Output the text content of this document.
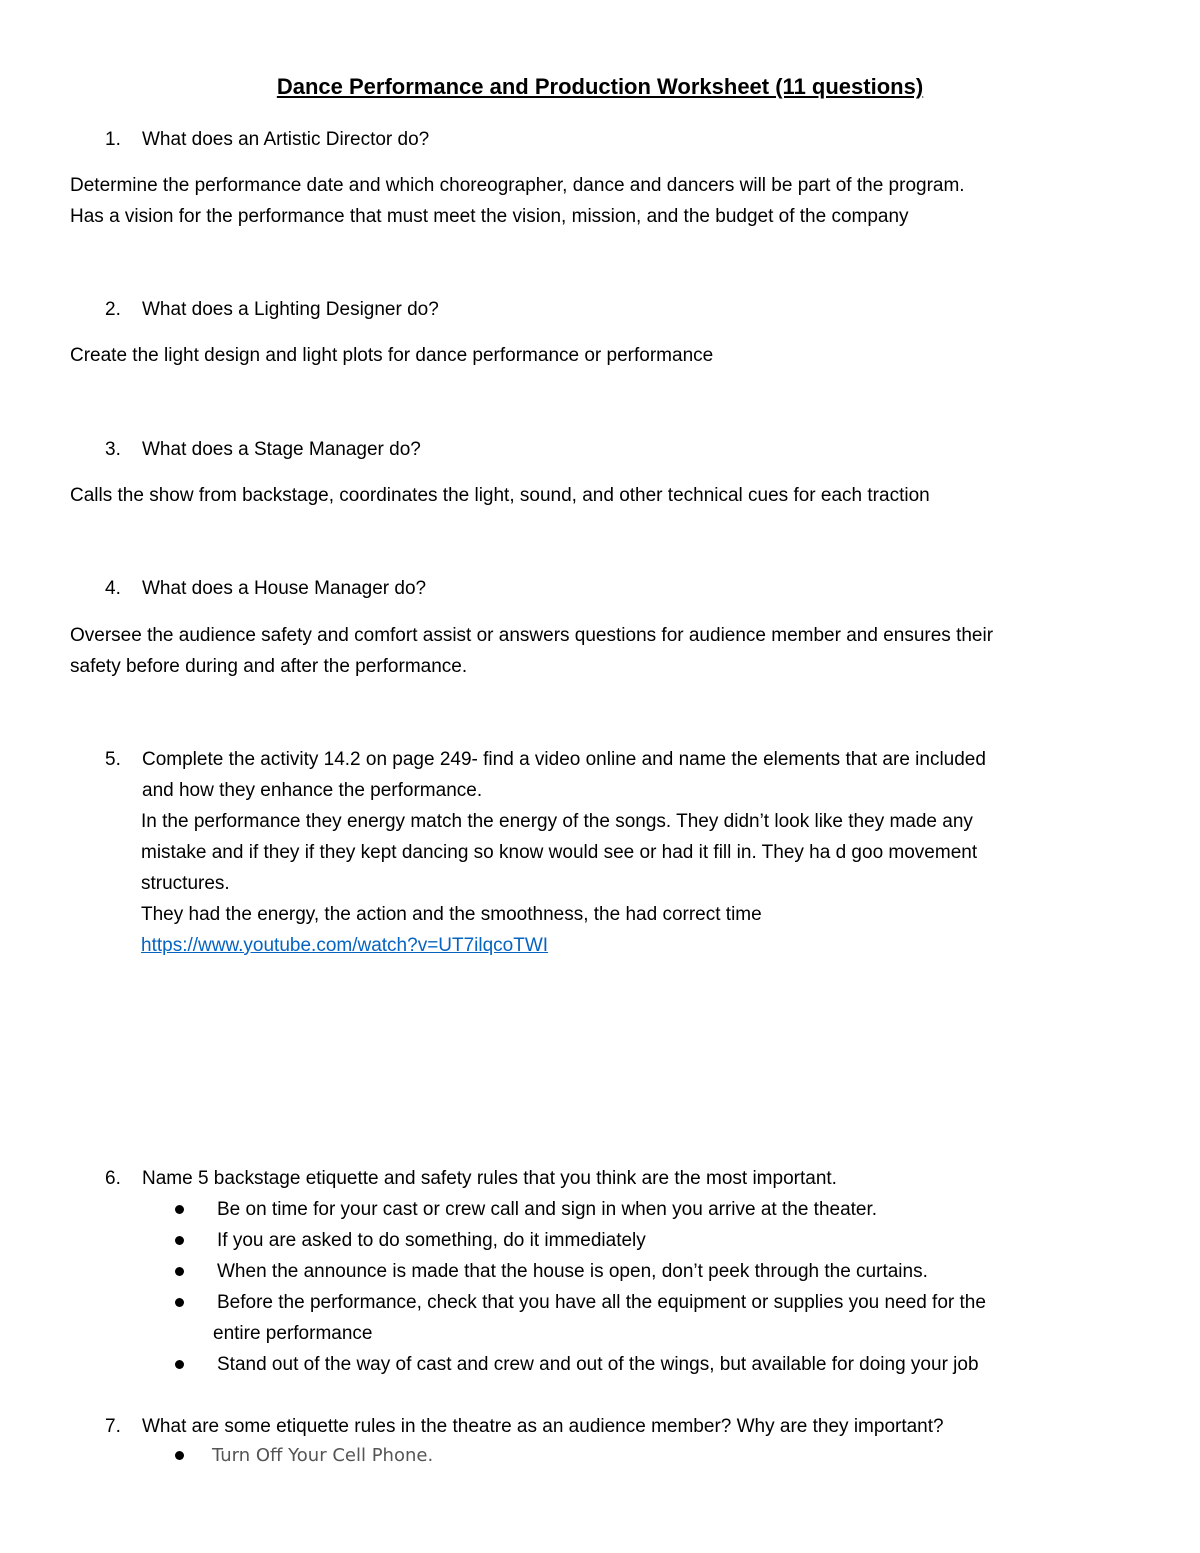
Dance Performance and Production Worksheet (11 questions)
1. What does an Artistic Director do?
Determine the performance date and which choreographer, dance and dancers will be part of the program.
Has a vision for the performance that must meet the vision, mission, and the budget of the company
2. What does a Lighting Designer do?
Create the light design and light plots for dance performance or performance
3. What does a Stage Manager do?
Calls the show from backstage, coordinates the light, sound, and other technical cues for each traction
4. What does a House Manager do?
Oversee the audience safety and comfort assist or answers questions for audience member and ensures their
safety before during and after the performance.
5. Complete the activity 14.2 on page 249- find a video online and name the elements that are included
and how they enhance the performance.
In the performance they energy match the energy of the songs. They didn’t look like they made any
mistake and if they if they kept dancing so know would see or had it fill in. They ha d goo movement
structures.
They had the energy, the action and the smoothness, the had correct time
https://www.youtube.com/watch?v=UT7ilqcoTWI
6. Name 5 backstage etiquette and safety rules that you think are the most important.
Be on time for your cast or crew call and sign in when you arrive at the theater.
If you are asked to do something, do it immediately
When the announce is made that the house is open, don’t peek through the curtains.
Before the performance, check that you have all the equipment or supplies you need for the
entire performance
Stand out of the way of cast and crew and out of the wings, but available for doing your job
7. What are some etiquette rules in the theatre as an audience member? Why are they important?
Turn Off Your Cell Phone.
